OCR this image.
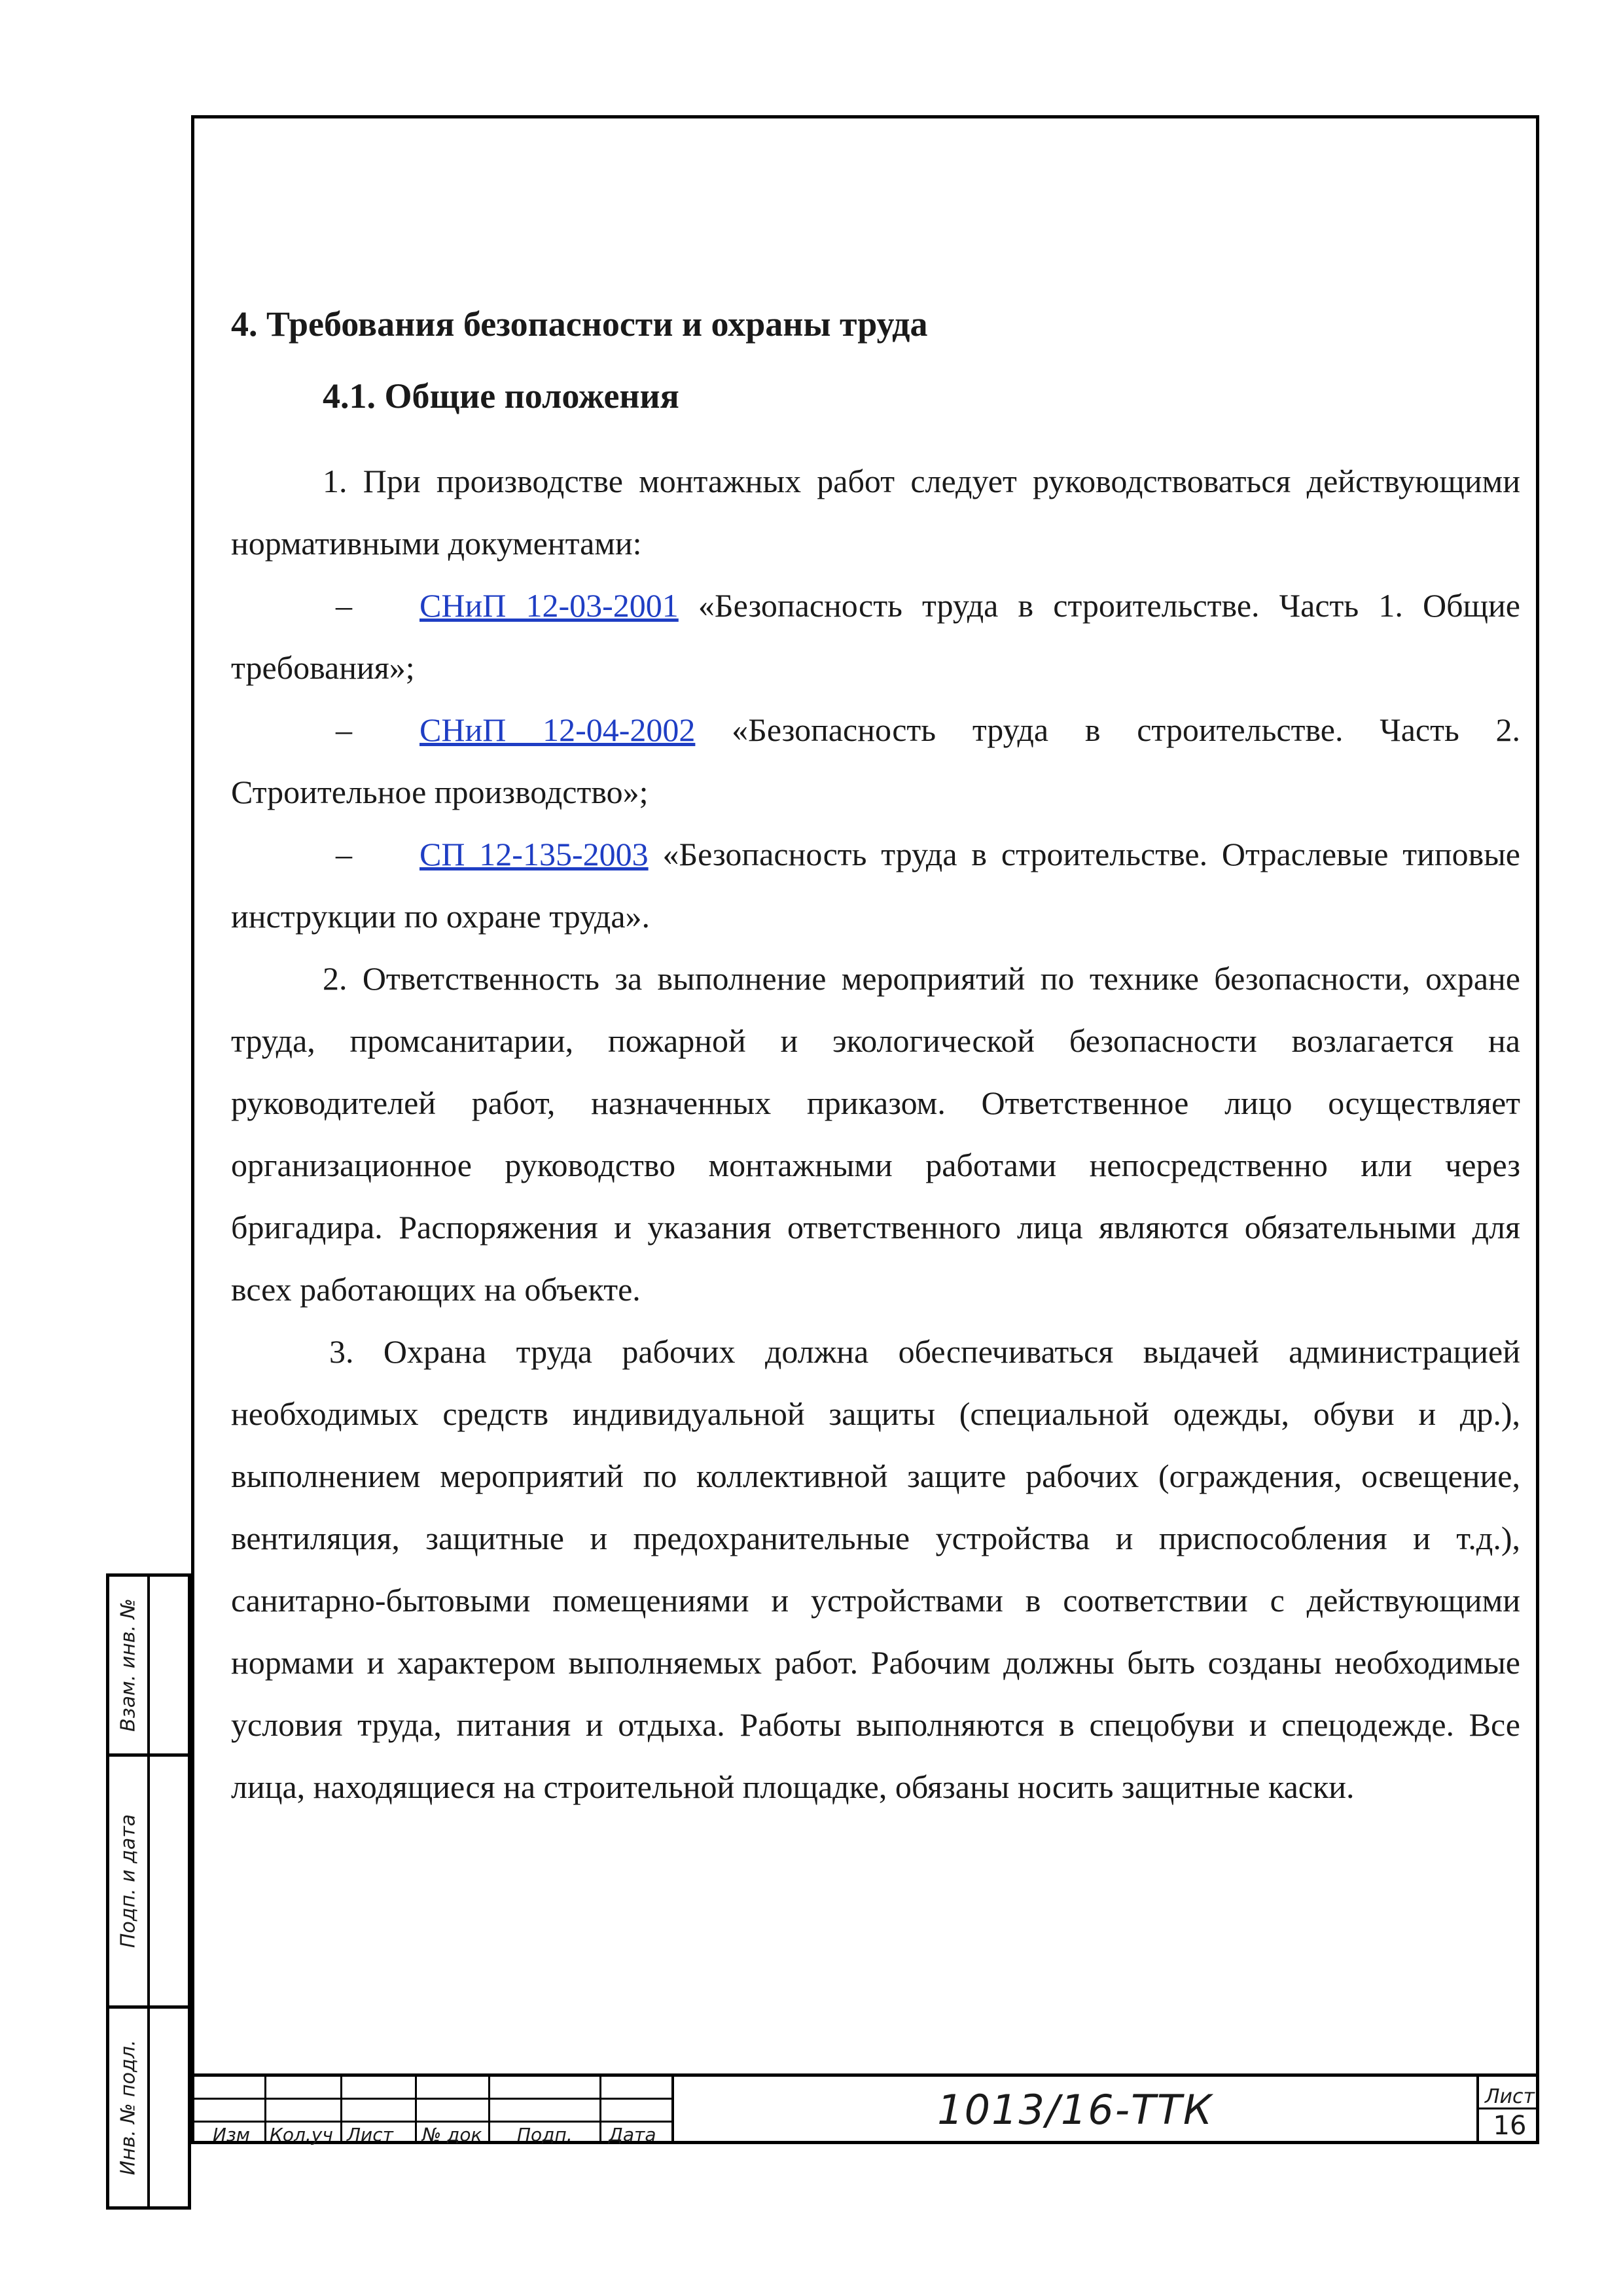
Взам. инв. №
Подп. и дата
Инв. № подл.

4. Требования безопасности и охраны труда

4.1. Общие положения

1. При производстве монтажных работ следует руководствоваться действующими нормативными документами:

– СНиП 12-03-2001 «Безопасность труда в строительстве. Часть 1. Общие требования»;

– СНиП 12-04-2002 «Безопасность труда в строительстве. Часть 2. Строительное производство»;

– СП 12-135-2003 «Безопасность труда в строительстве. Отраслевые типовые инструкции по охране труда».

2. Ответственность за выполнение мероприятий по технике безопасности, охране труда, промсанитарии, пожарной и экологической безопасности возлагается на руководителей работ, назначенных приказом. Ответственное лицо осуществляет организационное руководство монтажными работами непосредственно или через бригадира. Распоряжения и указания ответственного лица являются обязательными для всех работающих на объекте.

3. Охрана труда рабочих должна обеспечиваться выдачей администрацией необходимых средств индивидуальной защиты (специальной одежды, обуви и др.), выполнением мероприятий по коллективной защите рабочих (ограждения, освещение, вентиляция, защитные и предохранительные устройства и приспособления и т.д.), санитарно-бытовыми помещениями и устройствами в соответствии с действующими нормами и характером выполняемых работ. Рабочим должны быть созданы необходимые условия труда, питания и отдыха. Работы выполняются в спецобуви и спецодежде. Все лица, находящиеся на строительной площадке, обязаны носить защитные каски.

Изм Кол.уч Лист № док Подп. Дата
1013/16-ТТК	Лист
16
